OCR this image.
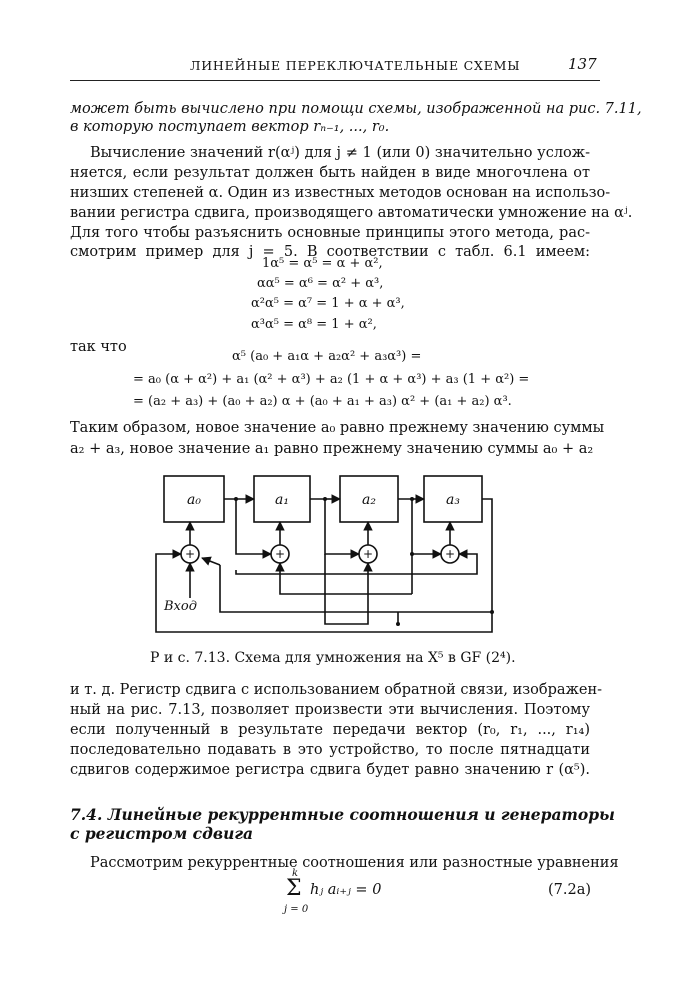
ЛИНЕЙНЫЕ ПЕРЕКЛЮЧАТЕЛЬНЫЕ СХЕМЫ	137
может быть вычислено при помощи схемы, изображенной на рис. 7.11,
в которую поступает вектор rₙ₋₁, ..., r₀.
Вычисление значений r(αʲ) для j ≠ 1 (или 0) значительно услож-
няется, если результат должен быть найден в виде многочлена от
низших степеней α. Один из известных методов основан на использо-
вании регистра сдвига, производящего автоматически умножение на αʲ.
Для того чтобы разъяснить основные принципы этого метода, рас-
смотрим пример для j = 5. В соответствии с табл. 6.1 имеем:
1α⁵ = α⁵ = α + α²,
αα⁵ = α⁶ = α² + α³,
α²α⁵ = α⁷ = 1 + α + α³,
α³α⁵ = α⁸ = 1 + α²,
так что
α⁵ (a₀ + a₁α + a₂α² + a₃α³) =
= a₀ (α + α²) + a₁ (α² + α³) + a₂ (1 + α + α³) + a₃ (1 + α²) =
= (a₂ + a₃) + (a₀ + a₂) α + (a₀ + a₁ + a₃) α² + (a₁ + a₂) α³.
Таким образом, новое значение a₀ равно прежнему значению суммы
a₂ + a₃, новое значение a₁ равно прежнему значению суммы a₀ + a₂
a₀	a₁	a₂	a₃
+	+	+	+
Вход
Р и с. 7.13. Схема для умножения на X⁵ в GF (2⁴).
и т. д. Регистр сдвига с использованием обратной связи, изображен-
ный на рис. 7.13, позволяет произвести эти вычисления. Поэтому
если полученный в результате передачи вектор (r₀, r₁, ..., r₁₄)
последовательно подавать в это устройство, то после пятнадцати
сдвигов содержимое регистра сдвига будет равно значению r (α⁵).
7.4. Линейные рекуррентные соотношения и генераторы
с регистром сдвига
Рассмотрим рекуррентные соотношения или разностные уравнения
k
Σ
j = 0
hⱼ aᵢ₊ⱼ = 0	(7.2а)
